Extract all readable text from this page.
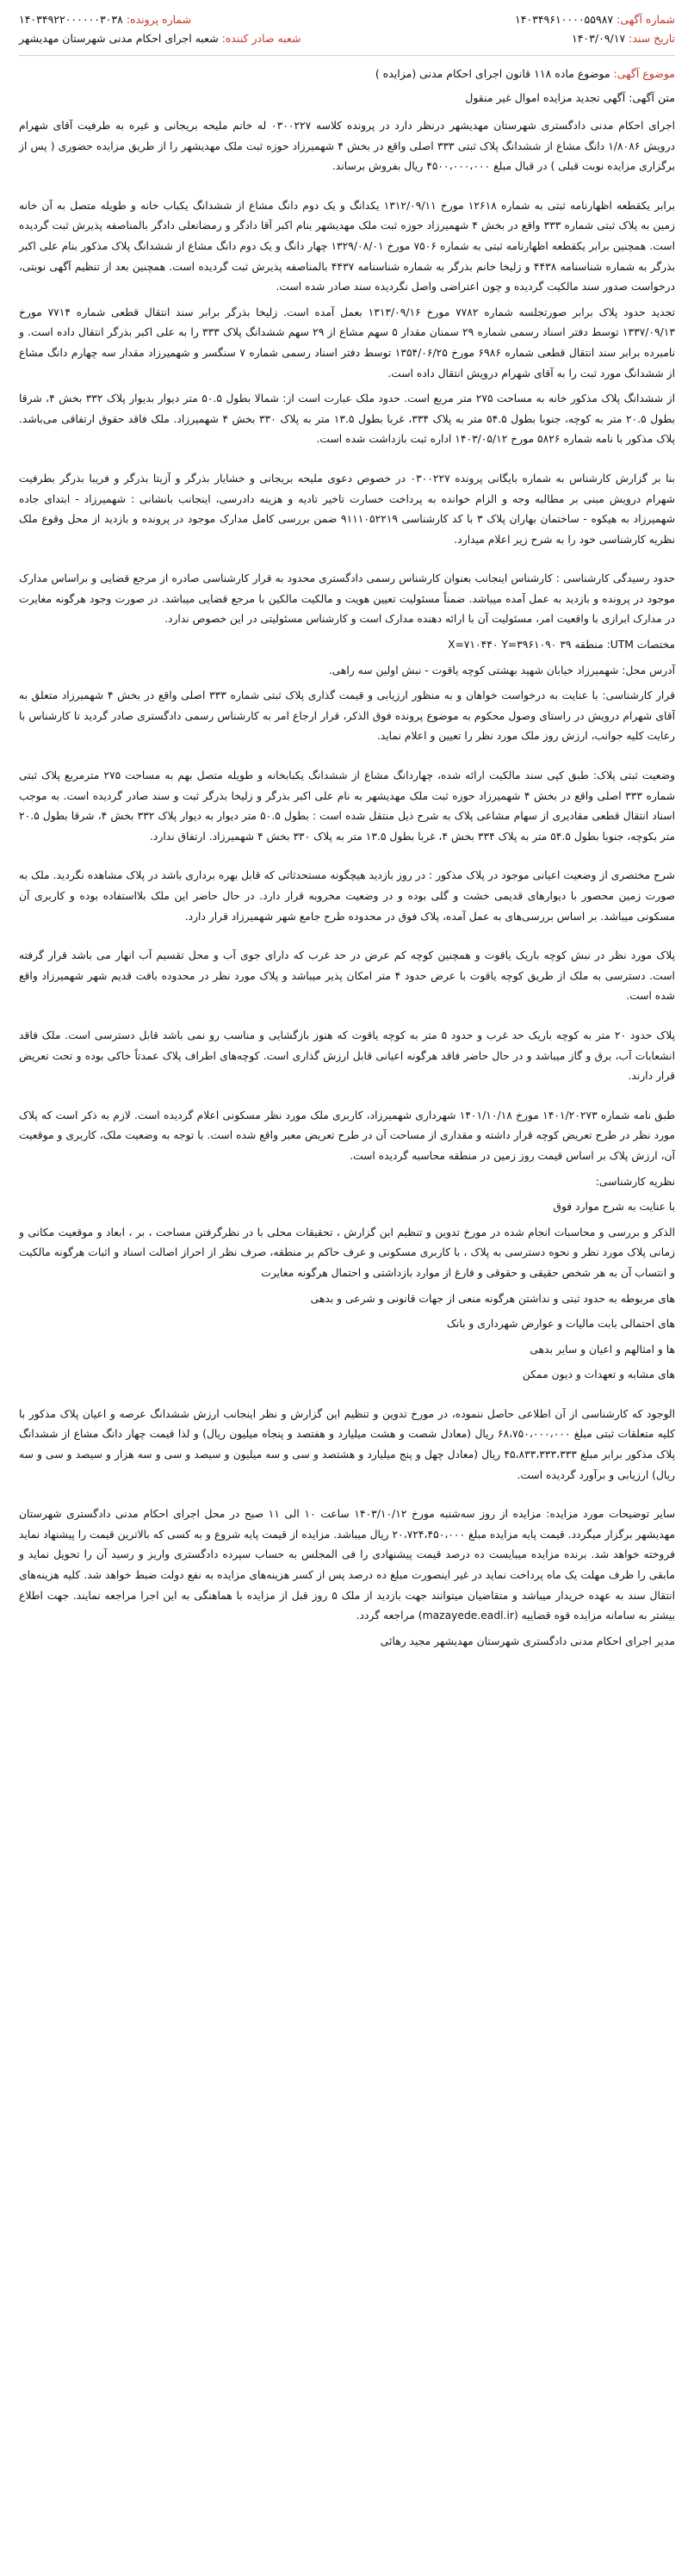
شماره آگهی: ۱۴۰۳۴۹۶۱۰۰۰۰۵۵۹۸۷
شماره پرونده: ۱۴۰۳۴۹۲۲۰۰۰۰۰۰۳۰۳۸
تاریخ سند: ۱۴۰۳/۰۹/۱۷
شعبه صادر کننده: شعبه اجرای احکام مدنی شهرستان مهدیشهر
موضوع آگهی: موضوع ماده ۱۱۸ قانون اجرای احکام مدنی (مزایده )
متن آگهی: آگهی تجدید مزایده اموال غیر منقول

اجرای احکام مدنی دادگستری شهرستان مهدیشهر درنظر دارد در پرونده کلاسه ۰۳۰۰۲۲۷ له خانم ملیحه بریجانی و غیره به طرفیت آقای شهرام درویش ۱/۸۰۸۶ دانگ مشاع از ششدانگ پلاک ثبتی ۳۳۳ اصلی واقع در بخش ۴ شهمیرزاد حوزه ثبت ملک مهدیشهر را از طریق مزایده حضوری ( پس از برگزاری مزایده نوبت قبلی ) در قبال مبلغ ۴۵۰۰،۰۰۰،۰۰۰ ریال بفروش برساند.

برابر یکقطعه اظهارنامه ثبتی به شماره ۱۲۶۱۸ مورخ ۱۳۱۲/۰۹/۱۱ یکدانگ و یک دوم دانگ مشاع از ششدانگ یکباب خانه و طویله متصل به آن خانه زمین به پلاک ثبتی شماره ۳۳۳ واقع در بخش ۴ شهمیرزاد حوزه ثبت ملک مهدیشهر بنام اکبر آقا دادگر و رمضانعلی دادگر بالمناصفه پذیرش ثبت گردیده است. همچنین برابر یکقطعه اظهارنامه ثبتی به شماره ۷۵۰۶ مورخ ۱۳۲۹/۰۸/۰۱ چهار دانگ و یک دوم دانگ مشاع از ششدانگ پلاک مذکور بنام علی اکبر بذرگر به شماره شناسنامه ۴۴۳۸ و زلیخا خانم بذرگر به شماره شناسنامه ۴۴۳۷ بالمناصفه پذیرش ثبت گردیده است. همچنین بعد از تنظیم آگهی نوبتی، درخواست صدور سند مالکیت گردیده و چون اعتراضی واصل نگردیده سند صادر شده است.

تجدید حدود پلاک برابر صورتجلسه شماره ۷۷۸۲ مورخ ۱۳۱۳/۰۹/۱۶ بعمل آمده است. زلیخا بذرگر برابر سند انتقال قطعی شماره ۷۷۱۴ مورخ ۱۳۳۷/۰۹/۱۳ توسط دفتر اسناد رسمی شماره ۲۹ سمنان مقدار ۵ سهم مشاع از ۲۹ سهم ششدانگ پلاک ۳۳۳ را به علی اکبر بذرگر انتقال داده است. و نامبرده برابر سند انتقال قطعی شماره ۶۹۸۶ مورخ ۱۳۵۴/۰۶/۲۵ توسط دفتر اسناد رسمی شماره ۷ سنگسر و شهمیرزاد مقدار سه چهارم دانگ مشاع از ششدانگ مورد ثبت را به آقای شهرام درویش انتقال داده است.

از ششدانگ پلاک مذکور خانه به مساحت ۲۷۵ متر مربع است. حدود ملک عبارت است از: شمالا بطول ۵۰.۵ متر دیوار بدیوار پلاک ۳۳۲ بخش ۴، شرقا بطول ۲۰.۵ متر به کوچه، جنوبا بطول ۵۴.۵ متر به پلاک ۳۳۴، غربا بطول ۱۳.۵ متر به پلاک ۳۳۰ بخش ۴ شهمیرزاد. ملک فاقد حقوق ارتفاقی می‌باشد. پلاک مذکور با نامه شماره ۵۸۲۶ مورخ ۱۴۰۳/۰۵/۱۲ اداره ثبت بازداشت شده است.

بنا بر گزارش کارشناس به شماره بایگانی پرونده ۰۳۰۰۲۲۷ در خصوص دعوی ملیحه بریجانی و خشایار بذرگر و آزیتا بذرگر و فریبا بذرگر بطرفیت شهرام درویش مبنی بر مطالبه وجه و الزام خوانده به پرداخت خسارت تاخیر تادیه و هزینه دادرسی، اینجانب بانشانی : شهمیرزاد - ابتدای جاده شهمیرزاد به هیکوه - ساختمان بهاران پلاک ۳ با کد کارشناسی ۹۱۱۱۰۵۲۲۱۹ ضمن بررسی کامل مدارک موجود در پرونده و بازدید از محل وقوع ملک نظریه کارشناسی خود را به شرح زیر اعلام میدارد.

حدود رسیدگی کارشناسی : کارشناس اینجانب بعنوان کارشناس رسمی دادگستری محدود به قرار کارشناسی صادره از مرجع قضایی و براساس مدارک موجود در پرونده و بازدید به عمل آمده میباشد. ضمناً مسئولیت تعیین هویت و مالکیت مالکین با مرجع قضایی میباشد. در صورت وجود هرگونه مغایرت در مدارک ابرازی با واقعیت امر، مسئولیت آن با ارائه دهنده مدارک است و کارشناس مسئولیتی در این خصوص ندارد.

مختصات UTM: منطقه ۳۹ X=۷۱۰۴۴۰ Y=۳۹۶۱۰۹۰

آدرس محل: شهمیرزاد خیابان شهید بهشتی کوچه یاقوت - نبش اولین سه راهی.

قرار کارشناسی: با عنایت به درخواست خواهان و به منظور ارزیابی و قیمت گذاری پلاک ثبتی شماره ۳۳۳ اصلی واقع در بخش ۴ شهمیرزاد متعلق به آقای شهرام درویش در راستای وصول محکوم به موضوع پرونده فوق الذکر، قرار ارجاع امر به کارشناس رسمی دادگستری صادر گردید تا کارشناس با رعایت کلیه جوانب، ارزش روز ملک مورد نظر را تعیین و اعلام نماید.

وضعیت ثبتی پلاک: طبق کپی سند مالکیت ارائه شده، چهاردانگ مشاع از ششدانگ یکبابخانه و طویله متصل بهم به مساحت ۲۷۵ مترمربع پلاک ثبتی شماره ۳۳۳ اصلی واقع در بخش ۴ شهمیرزاد حوزه ثبت ملک مهدیشهر به نام علی اکبر بذرگر و زلیخا بذرگر ثبت و سند صادر گردیده است. به موجب اسناد انتقال قطعی مقادیری از سهام مشاعی پلاک به شرح ذیل منتقل شده است : بطول ۵۰.۵ متر دیوار به دیوار پلاک ۳۳۲ بخش ۴، شرقا بطول ۲۰.۵ متر بکوچه، جنوبا بطول ۵۴.۵ متر به پلاک ۳۳۴ بخش ۴، غربا بطول ۱۳.۵ متر به پلاک ۳۳۰ بخش ۴ شهمیرزاد. ارتفاق ندارد.

شرح مختصری از وضعیت اعیانی موجود در پلاک مذکور : در روز بازدید هیچگونه مستحدثاتی که قابل بهره برداری باشد در پلاک مشاهده نگردید. ملک به صورت زمین محصور با دیوارهای قدیمی خشت و گلی بوده و در وضعیت مخروبه قرار دارد. در حال حاضر این ملک بلااستفاده بوده و کاربری آن مسکونی میباشد. بر اساس بررسی‌های به عمل آمده، پلاک فوق در محدوده طرح جامع شهر شهمیرزاد قرار دارد.

پلاک مورد نظر در نبش کوچه باریک یاقوت و همچنین کوچه کم عرض در حد غرب که دارای جوی آب و محل تقسیم آب انهار می باشد قرار گرفته است. دسترسی به ملک از طریق کوچه یاقوت با عرض حدود ۴ متر امکان پذیر میباشد و پلاک مورد نظر در محدوده بافت قدیم شهر شهمیرزاد واقع شده است.

پلاک حدود ۲۰ متر به کوچه باریک حد غرب و حدود ۵ متر به کوچه یاقوت که هنوز بازگشایی و مناسب رو نمی باشد قابل دسترسی است. ملک فاقد انشعابات آب، برق و گاز میباشد و در حال حاضر فاقد هرگونه اعیانی قابل ارزش گذاری است. کوچه‌های اطراف پلاک عمدتاً خاکی بوده و تحت تعریض قرار دارند.

طبق نامه شماره ۱۴۰۱/۲۰۲۷۳ مورخ ۱۴۰۱/۱۰/۱۸ شهرداری شهمیرزاد، کاربری ملک مورد نظر مسکونی اعلام گردیده است. لازم به ذکر است که پلاک مورد نظر در طرح تعریض کوچه قرار داشته و مقداری از مساحت آن در طرح تعریض معبر واقع شده است. با توجه به وضعیت ملک، کاربری و موقعیت آن، ارزش پلاک بر اساس قیمت روز زمین در منطقه محاسبه گردیده است.

نظریه کارشناسی:

با عنایت به شرح موارد فوق

الذکر و بررسی و محاسبات انجام شده در مورخ تدوین و تنظیم این گزارش ، تحقیقات محلی با در نظرگرفتن مساحت ، بر ، ابعاد و موقعیت مکانی و زمانی پلاک مورد نظر و نحوه دسترسی به پلاک ، با کاربری مسکونی و عرف حاکم بر منطقه، صرف نظر از احراز اصالت اسناد و اثبات هرگونه مالکیت و انتساب آن به هر شخص حقیقی و حقوقی و فارغ از موارد بازداشتی و احتمال هرگونه مغایرت

های مربوطه به حدود ثبتی و نداشتن هرگونه منعی از جهات قانونی و شرعی و بدهی

های احتمالی بابت مالیات و عوارض شهرداری و بانک

ها و امثالهم و اعیان و سایر بدهی

های مشابه و تعهدات و دیون ممکن

الوجود که کارشناسی از آن اطلاعی حاصل ننموده، در مورخ تدوین و تنظیم این گزارش و نظر اینجانب ارزش ششدانگ عرصه و اعیان پلاک مذکور با کلیه متعلقات ثبتی مبلغ ۶۸،۷۵۰،۰۰۰،۰۰۰ ریال (معادل شصت و هشت میلیارد و هفتصد و پنجاه میلیون ریال) و لذا قیمت چهار دانگ مشاع از ششدانگ پلاک مذکور برابر مبلغ ۴۵،۸۳۳،۳۳۳،۳۳۳ ریال (معادل چهل و پنج میلیارد و هشتصد و سی و سه میلیون و سیصد و سی و سه هزار و سیصد و سی و سه ریال) ارزیابی و برآورد گردیده است.

سایر توضیحات مورد مزایده: مزایده از روز سه‌شنبه مورخ ۱۴۰۳/۱۰/۱۲ ساعت ۱۰ الی ۱۱ صبح در محل اجرای احکام مدنی دادگستری شهرستان مهدیشهر برگزار میگردد. قیمت پایه مزایده مبلغ ۲۰،۷۲۴،۴۵۰،۰۰۰ ریال میباشد. مزایده از قیمت پایه شروع و به کسی که بالاترین قیمت را پیشنهاد نماید فروخته خواهد شد. برنده مزایده میبایست ده درصد قیمت پیشنهادی را فی المجلس به حساب سپرده دادگستری واریز و رسید آن را تحویل نماید و مابقی را ظرف مهلت یک ماه پرداخت نماید در غیر اینصورت مبلغ ده درصد پس از کسر هزینه‌های مزایده به نفع دولت ضبط خواهد شد. کلیه هزینه‌های انتقال سند به عهده خریدار میباشد و متقاضیان میتوانند جهت بازدید از ملک ۵ روز قبل از مزایده با هماهنگی به این اجرا مراجعه نمایند. جهت اطلاع بیشتر به سامانه مزایده قوه قضاییه (mazayede.eadl.ir) مراجعه گردد.

مدیر اجرای احکام مدنی دادگستری شهرستان مهدیشهر مجید رهائی
